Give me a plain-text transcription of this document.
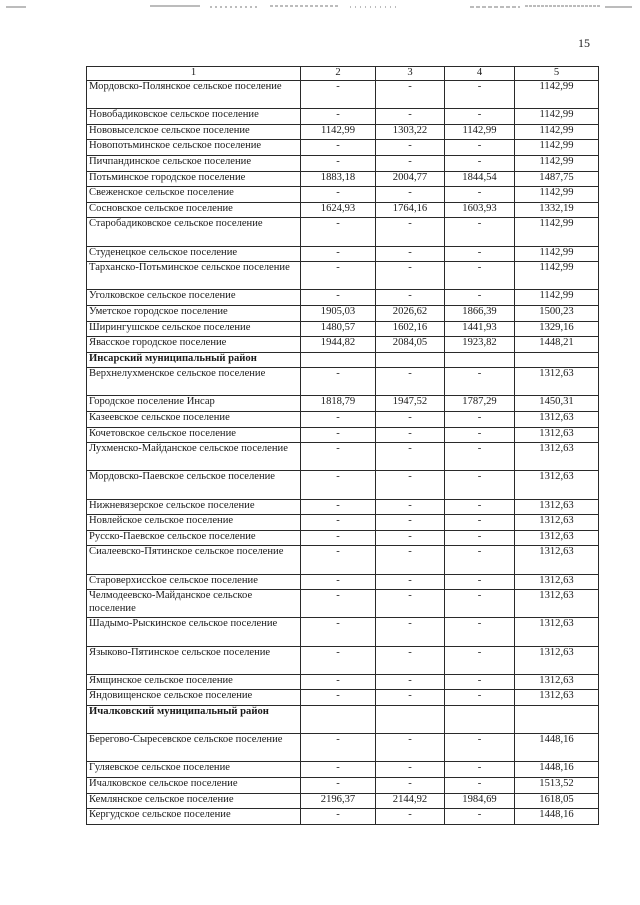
15
1	2	3	4	5
Мордовско-Полянское сельское поселение	-	-	-	1142,99
Новобадиковское сельское поселение	-	-	-	1142,99
Нововыселское сельское поселение	1142,99	1303,22	1142,99	1142,99
Новопотьминское сельское поселение	-	-	-	1142,99
Пичпандинское сельское поселение	-	-	-	1142,99
Потьминское городское поселение	1883,18	2004,77	1844,54	1487,75
Свеженское сельское поселение	-	-	-	1142,99
Сосновское сельское поселение	1624,93	1764,16	1603,93	1332,19
Старобадиковское сельское поселение	-	-	-	1142,99
Студенецкое сельское поселение	-	-	-	1142,99
Тарханско-Потьминское сельское поселение	-	-	-	1142,99
Уголковское сельское поселение	-	-	-	1142,99
Уметское городское поселение	1905,03	2026,62	1866,39	1500,23
Ширингушское сельское поселение	1480,57	1602,16	1441,93	1329,16
Явасское городское поселение	1944,82	2084,05	1923,82	1448,21
Инсарский муниципальный район				
Верхнелухменское сельское поселение	-	-	-	1312,63
Городское поселение Инсар	1818,79	1947,52	1787,29	1450,31
Казеевское сельское поселение	-	-	-	1312,63
Кочетовское сельское поселение	-	-	-	1312,63
Лухменско-Майданское сельское поселение	-	-	-	1312,63
Мордовско-Паевское сельское поселение	-	-	-	1312,63
Нижневязерское сельское поселение	-	-	-	1312,63
Новлейское сельское поселение	-	-	-	1312,63
Русско-Паевское сельское поселение	-	-	-	1312,63
Сиалеевско-Пятинское сельское поселение	-	-	-	1312,63
Староверхиссkое сельское поселение	-	-	-	1312,63
Челмодеевско-Майданское сельское поселение	-	-	-	1312,63
Шадымо-Рыскинское сельское поселение	-	-	-	1312,63
Языково-Пятинское сельское поселение	-	-	-	1312,63
Ямщинское сельское поселение	-	-	-	1312,63
Яндовищенское сельское поселение	-	-	-	1312,63
Ичалковский муниципальный район				
Берегово-Сыресевское сельское поселение	-	-	-	1448,16
Гуляевское сельское поселение	-	-	-	1448,16
Ичалковское сельское поселение	-	-	-	1513,52
Кемлянское сельское поселение	2196,37	2144,92	1984,69	1618,05
Кергудское сельское поселение	-	-	-	1448,16
